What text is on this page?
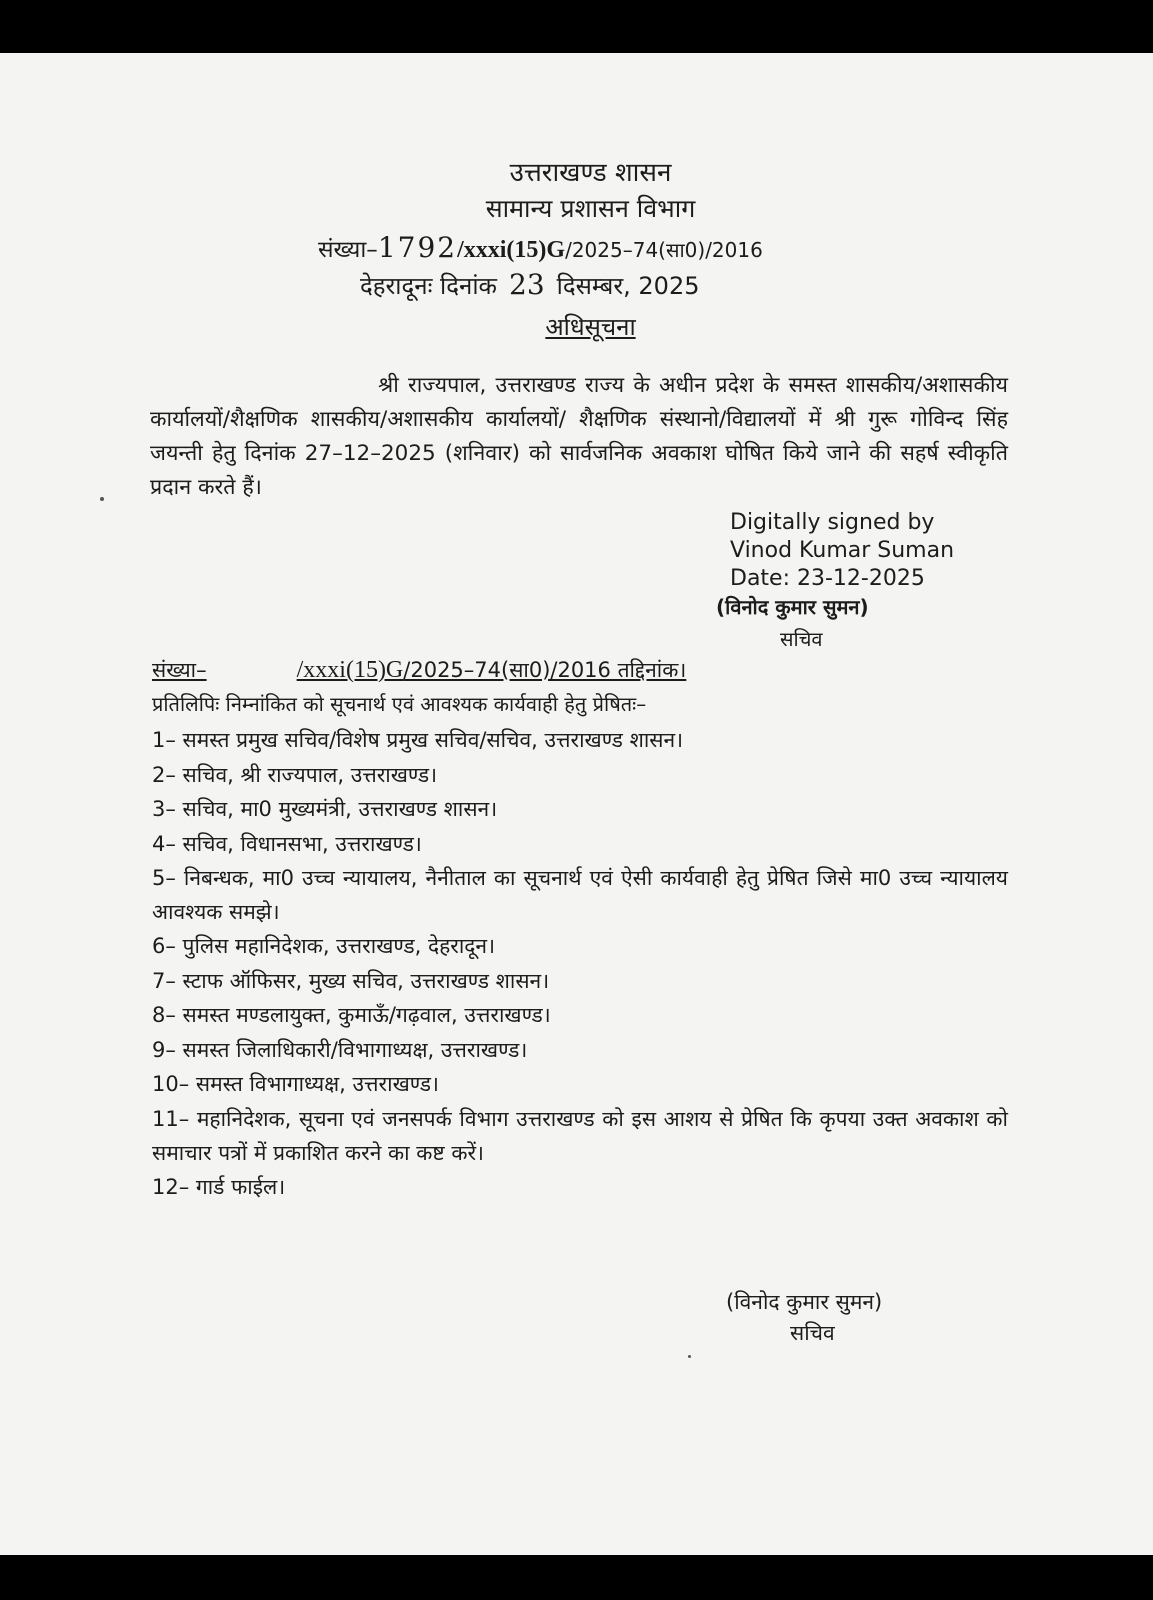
उत्तराखण्ड शासन
सामान्य प्रशासन विभाग
संख्या–1792/xxxi(15)G/2025–74(सा0)/2016
देहरादूनः दिनांक 23 दिसम्बर, 2025
अधिसूचना
श्री राज्यपाल, उत्तराखण्ड राज्य के अधीन प्रदेश के समस्त शासकीय/अशासकीय कार्यालयों/शैक्षणिक शासकीय/अशासकीय कार्यालयों/ शैक्षणिक संस्थानो/विद्यालयों में श्री गुरू गोविन्द सिंह जयन्ती हेतु दिनांक 27–12–2025 (शनिवार) को सार्वजनिक अवकाश घोषित किये जाने की सहर्ष स्वीकृति प्रदान करते हैं।
Digitally signed by
Vinod Kumar Suman
Date: 23-12-2025
(विनोद कुमार सुमन)
सचिव
संख्या–	/xxxi(15)G/2025–74(सा0)/2016 तद्दिनांक।
प्रतिलिपिः निम्नांकित को सूचनार्थ एवं आवश्यक कार्यवाही हेतु प्रेषितः–
1– समस्त प्रमुख सचिव/विशेष प्रमुख सचिव/सचिव, उत्तराखण्ड शासन।
2– सचिव, श्री राज्यपाल, उत्तराखण्ड।
3– सचिव, मा0 मुख्यमंत्री, उत्तराखण्ड शासन।
4– सचिव, विधानसभा, उत्तराखण्ड।
5– निबन्धक, मा0 उच्च न्यायालय, नैनीताल का सूचनार्थ एवं ऐसी कार्यवाही हेतु प्रेषित जिसे मा0 उच्च न्यायालय आवश्यक समझे।
6– पुलिस महानिदेशक, उत्तराखण्ड, देहरादून।
7– स्टाफ ऑफिसर, मुख्य सचिव, उत्तराखण्ड शासन।
8– समस्त मण्डलायुक्त, कुमाऊँ/गढ़वाल, उत्तराखण्ड।
9– समस्त जिलाधिकारी/विभागाध्यक्ष, उत्तराखण्ड।
10– समस्त विभागाध्यक्ष, उत्तराखण्ड।
11– महानिदेशक, सूचना एवं जनसपर्क विभाग उत्तराखण्ड को इस आशय से प्रेषित कि कृपया उक्त अवकाश को समाचार पत्रों में प्रकाशित करने का कष्ट करें।
12– गार्ड फाईल।
(विनोद कुमार सुमन)
सचिव
